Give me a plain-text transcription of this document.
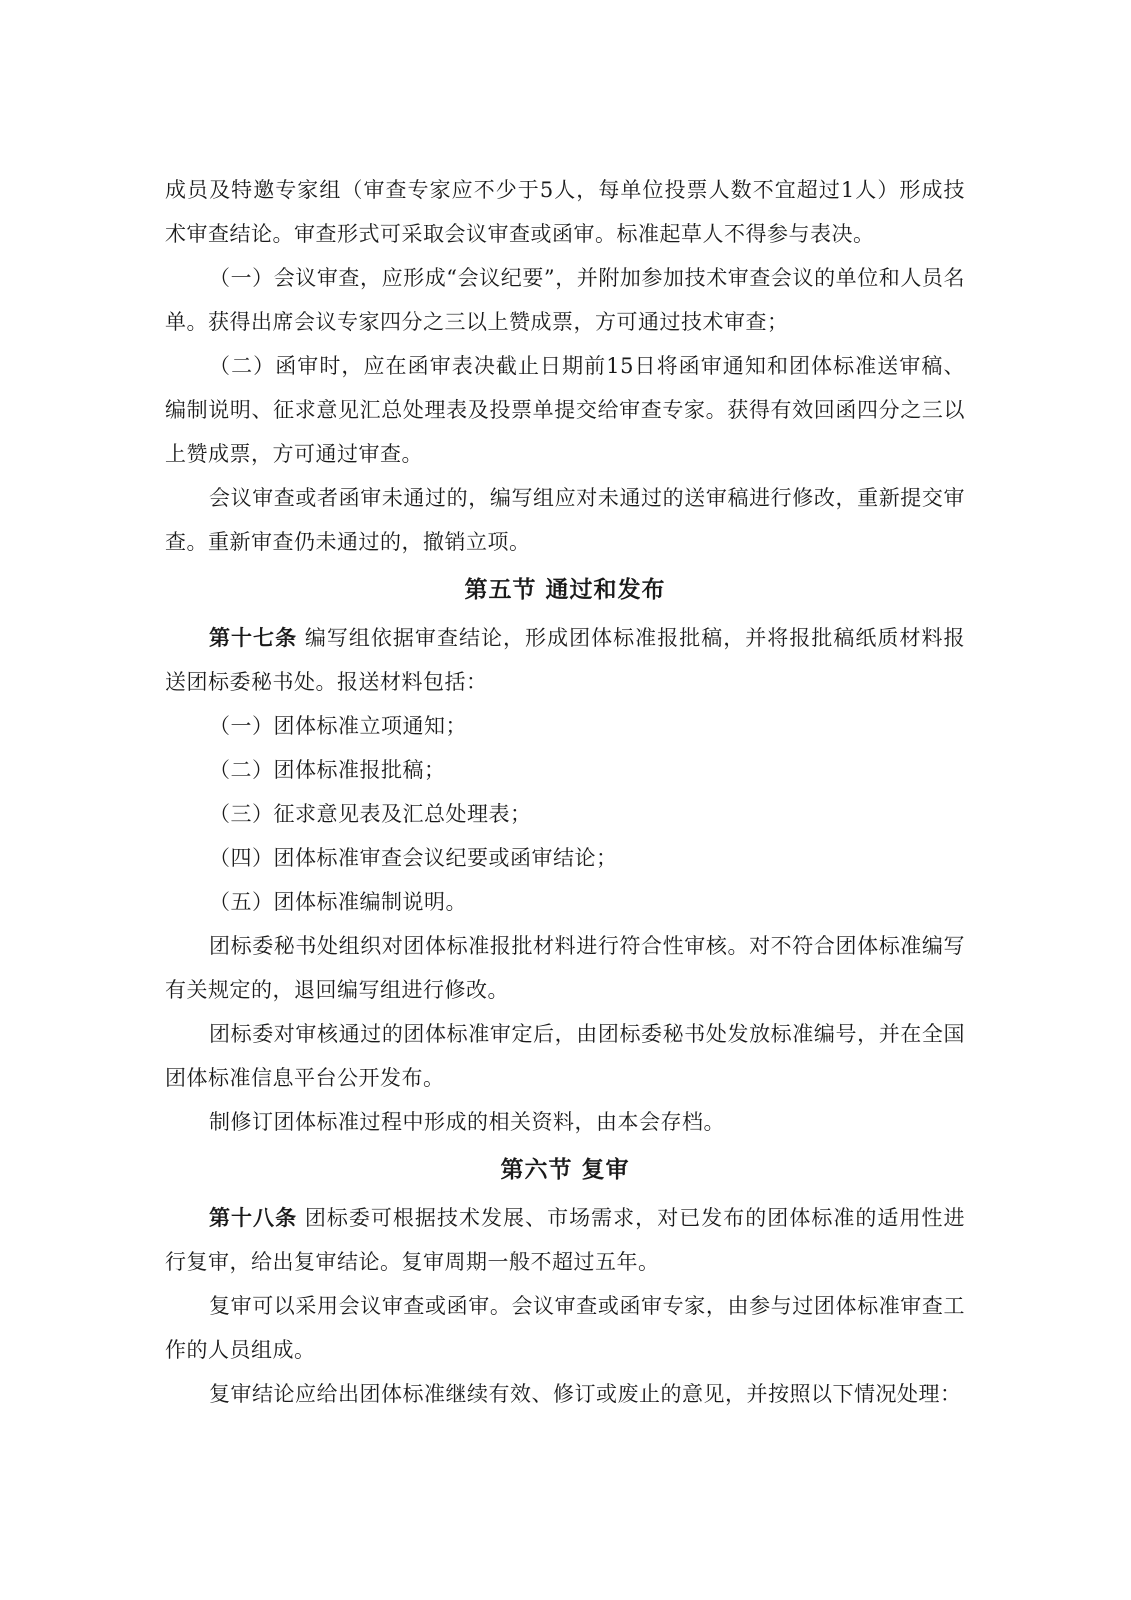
成员及特邀专家组（审查专家应不少于5人，每单位投票人数不宜超过1人）形成技术审查结论。审查形式可采取会议审查或函审。标准起草人不得参与表决。

（一）会议审查，应形成“会议纪要”，并附加参加技术审查会议的单位和人员名单。获得出席会议专家四分之三以上赞成票，方可通过技术审查；

（二）函审时，应在函审表决截止日期前15日将函审通知和团体标准送审稿、编制说明、征求意见汇总处理表及投票单提交给审查专家。获得有效回函四分之三以上赞成票，方可通过审查。

会议审查或者函审未通过的，编写组应对未通过的送审稿进行修改，重新提交审查。重新审查仍未通过的，撤销立项。

第五节 通过和发布

第十七条 编写组依据审查结论，形成团体标准报批稿，并将报批稿纸质材料报送团标委秘书处。报送材料包括：

（一）团体标准立项通知；

（二）团体标准报批稿；

（三）征求意见表及汇总处理表；

（四）团体标准审查会议纪要或函审结论；

（五）团体标准编制说明。

团标委秘书处组织对团体标准报批材料进行符合性审核。对不符合团体标准编写有关规定的，退回编写组进行修改。

团标委对审核通过的团体标准审定后，由团标委秘书处发放标准编号，并在全国团体标准信息平台公开发布。

制修订团体标准过程中形成的相关资料，由本会存档。

第六节 复审

第十八条 团标委可根据技术发展、市场需求，对已发布的团体标准的适用性进行复审，给出复审结论。复审周期一般不超过五年。

复审可以采用会议审查或函审。会议审查或函审专家，由参与过团体标准审查工作的人员组成。

复审结论应给出团体标准继续有效、修订或废止的意见，并按照以下情况处理：
